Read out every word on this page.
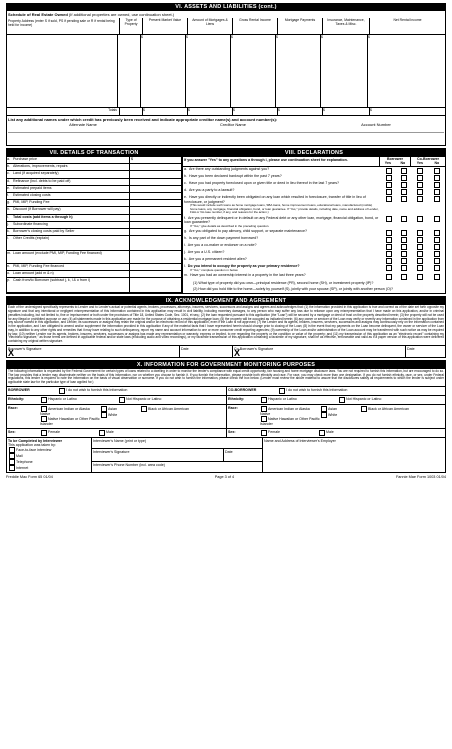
VI. ASSETS AND LIABILITIES (cont.)
Schedule of Real Estate Owned
(If additional properties are owned, use continuation sheet.)
Property Address (enter S if sold, PS if pending sale or R if rental being held for income)
Type of Property
Present Market Value	Amount of Mortgages & Liens
Gross Rental Income	Mortgage Payments	Insurance, Maintenance, Taxes & Misc.
Net Rental Income
$	$	$	$	$	$
Totals	$	$	$	$	$	$
List any additional names under which credit has previously been received and indicate appropriate creditor name(s) and account number(s):
Alternate Name	Creditor Name	Account Number
VII. DETAILS OF TRANSACTION
a. Purchase price	$
b. Alterations, improvements, repairs
c. Land (if acquired separately)
d. Refinance (incl. debts to be paid off)
e. Estimated prepaid items
f.	Estimated closing costs
g. PMI, MIP, Funding Fee
h. Discount (if Borrower will pay)
i.	Total costs (add items a through h)
j.	Subordinate financing
k. Borrower's closing costs paid by Seller
l.	Other Credits (explain)
m. Loan amount (exclude PMI, MIP, Funding Fee financed)
n. PMI, MIP, Funding Fee financed
o. Loan amount (add m & n)
p. Cash from/to Borrower (subtract j, k, l & o from i)
VIII. DECLARATIONS
If you answer "Yes" to any questions a through i, please use continuation sheet for explanation.	Borrower
Yes	No
Co-Borrower
Yes	No
a. Are there any outstanding judgments against you?
b. Have you been declared bankrupt within the past 7 years?
c. Have you had property foreclosed upon or given title or deed in lieu thereof in the last 7 years?
d. Are you a party to a lawsuit?
e. Have you directly or indirectly been obligated on any loan which resulted in foreclosure, transfer of title in lieu of foreclosure, or judgment?
(This would include such loans as home mortgage loans, SBA loans, home improvement loans, educational loans, manufactured (mobile) home loans, any mortgage, financial obligation, bond, or loan guarantee. If "Yes," provide details, including date, name and address of Lender, FHA or VA case number, if any, and reasons for the action.)
f. Are you presently delinquent or in default on any Federal debt or any other loan, mortgage, financial obligation, bond, or loan guarantee?
If "Yes," give details as described in the preceding question.
g. Are you obligated to pay alimony, child support, or separate maintenance?
h. Is any part of the down payment borrowed?
i. Are you a co-maker or endorser on a note?
j. Are you a U.S. citizen?
k. Are you a permanent resident alien?
l. Do you intend to occupy the property as your primary residence?
If "Yes," complete question m below.
m. Have you had an ownership interest in a property in the last three years?
(1) What type of property did you own—principal residence (PR), second home (SH), or investment property (IP)?
(2) How did you hold title to the home—solely by yourself (S), jointly with your spouse (SP), or jointly with another person (O)?
IX. ACKNOWLEDGMENT AND AGREEMENT
Each of the undersigned specifically represents to Lender and to Lender's actual or potential agents, brokers, processors, attorneys, insurers, servicers, successors and assigns and agrees and acknowledges that: (1) the information provided in this application is true and correct as of the date set forth opposite my signature and that any intentional or negligent misrepresentation of this information contained in this application may result in civil liability, including monetary damages, to any person who may suffer any loss due to reliance upon any misrepresentation that I have made on this application, and/or in criminal penalties including, but not limited to, fine or imprisonment or both under the provisions of Title 18, United States Code, Sec. 1001, et seq.; (2) the loan requested pursuant to this application (the "Loan") will be secured by a mortgage or deed of trust on the property described herein; (3) the property will not be used for any illegal or prohibited purpose or use; (4) all statements made in this application are made for the purpose of obtaining a residential mortgage loan; (5) the property will be occupied as indicated herein; (6) any owner or servicer of the Loan may verify or reverify any information contained in the application from any source named in this application, and Lender, its successors or assigns may retain the original and/or an electronic record of this application, even if the Loan is not approved; (7) the Lender and its agents, brokers, insurers, servicers, successors and assigns may continuously rely on the information contained in the application, and I am obligated to amend and/or supplement the information provided in this application if any of the material facts that I have represented herein should change prior to closing of the Loan; (8) in the event that my payments on the Loan become delinquent, the owner or servicer of the Loan may, in addition to any other rights and remedies that it may have relating to such delinquency, report my name and account information to one or more consumer credit reporting agencies; (9) ownership of the Loan and/or administration of the Loan account may be transferred with such notice as may be required by law; (10) neither Lender nor its agents, brokers, insurers, servicers, successors or assigns has made any representation or warranty, express or implied, to me regarding the property or the condition or value of the property; and (11) my transmission of this application as an "electronic record" containing my "electronic signature," as those terms are defined in applicable federal and/or state laws (excluding audio and video recordings), or my facsimile transmission of this application containing a facsimile of my signature, shall be as effective, enforceable and valid as if a paper version of this application were delivered containing my original written signature.
Borrower's Signature
X	Date	Co-Borrower's Signature
X	Date
X. INFORMATION FOR GOVERNMENT MONITORING PURPOSES
The following information is requested by the Federal Government for certain types of loans related to a dwelling in order to monitor the lender's compliance with equal credit opportunity, fair housing and home mortgage disclosure laws. You are not required to furnish this information, but are encouraged to do so. The law provides that a lender may discriminate neither on the basis of this information, nor on whether you choose to furnish it. If you furnish the information, please provide both ethnicity and race. For race, you may check more than one designation. If you do not furnish ethnicity, race, or sex, under Federal regulations, this lender is required to note the information on the basis of visual observation or surname. If you do not wish to furnish the information, please check the box below. (Lender must review the above material to assure that the disclosures satisfy all requirements to which the lender is subject under applicable state law for the particular type of loan applied for.)
BORROWER	I do not wish to furnish this information
Ethnicity:	Hispanic or Latino	Not Hispanic or Latino
Race:	American Indian or Alaska Native
Native Hawaiian or Other Pacific Islander
Asian
White
Black or African American
Sex:	Female	Male
CO-BORROWER	I do not wish to furnish this information
Ethnicity:	Hispanic or Latino	Not Hispanic or Latino
Race:	American Indian or Alaska Native
Native Hawaiian or Other Pacific Islander
Asian
White
Black or African American
Sex:	Female	Male
To be Completed by Interviewer
This application was taken by:
Face-to-face interview
Mail
Telephone
Internet
Interviewer's Name (print or type)
Interviewer's Signature	Date
Interviewer's Phone Number (incl. area code)
Name and Address of Interviewer's Employer
Freddie Mac Form 65 01/04	Page 3 of 4	Fannie Mae Form 1003 01/04
